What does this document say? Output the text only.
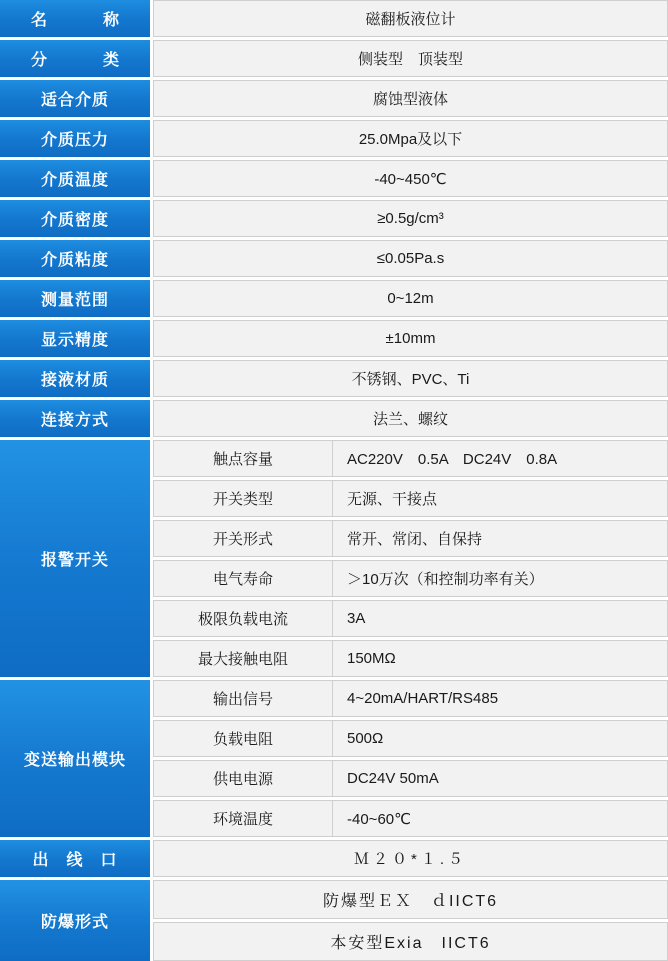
名　　称	磁翻板液位计
分　　类	侧装型　顶装型
适合介质	腐蚀型液体
介质压力	25.0Mpa及以下
介质温度	-40~450℃
介质密度	≥0.5g/cm³
介质粘度	≤0.05Pa.s
测量范围	0~12m
显示精度	±10mm
接液材质	不锈钢、PVC、Ti
连接方式	法兰、螺纹
报警开关
触点容量	AC220V　0.5A　DC24V　0.8A
开关类型	无源、干接点
开关形式	常开、常闭、自保持
电气寿命	＞10万次（和控制功率有关）
极限负载电流	3A
最大接触电阻	150MΩ
变送输出模块
输出信号	4~20mA/HART/RS485
负载电阻	500Ω
供电电源	DC24V 50mA
环境温度	-40~60℃
出　线　口	Ｍ２０*１.５
防爆形式
防爆型ＥＸ　ｄIICT6
本安型Exia　IICT6
